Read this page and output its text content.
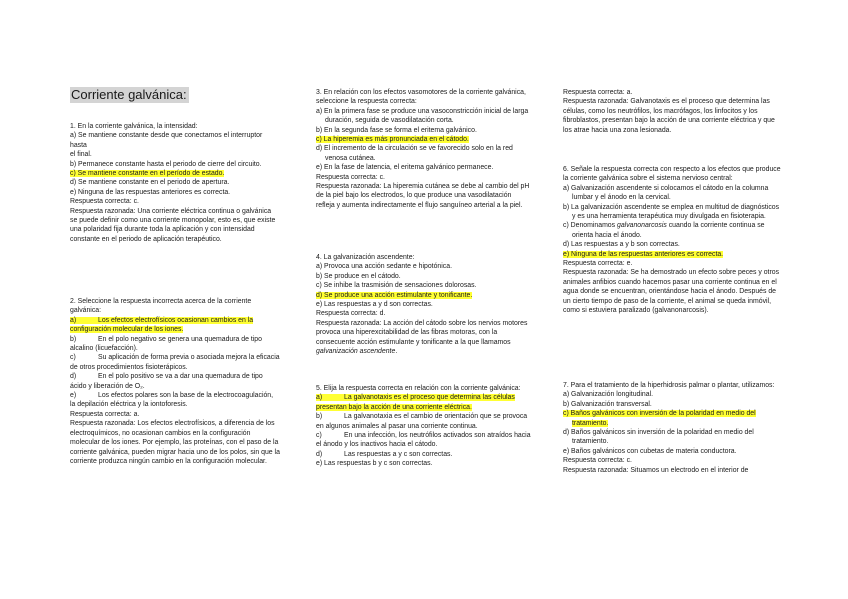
Corriente galvánica:

1. En la corriente galvánica, la intensidad:

a) Se mantiene constante desde que conectamos el interruptor hasta

el final.

b) Permanece constante hasta el periodo de cierre del circuito.

c) Se mantiene constante en el período de estado.

d) Se mantiene constante en el periodo de apertura.

e) Ninguna de las respuestas anteriores es correcta.

Respuesta correcta: c.

Respuesta razonada: Una corriente eléctrica continua o galvánica se puede definir como una corriente monopolar, esto es, que existe una polaridad fija durante toda la aplicación y con intensidad constante en el periodo de aplicación terapéutico.

2. Seleccione la respuesta incorrecta acerca de la corriente galvánica:

a)	Los efectos electrofísicos ocasionan cambios en la configuración molecular de los iones.

b)	En el polo negativo se genera una quemadura de tipo alcalino (licuefacción).

c)	Su aplicación de forma previa o asociada mejora la eficacia de otros procedimientos fisioterápicos.

d)	En el polo positivo se va a dar una quemadura de tipo ácido y liberación de O₂.

e)	Los efectos polares son la base de la electrocoagulación, la depilación eléctrica y la iontoforesis.

Respuesta correcta: a.

Respuesta razonada: Los efectos electrofísicos, a diferencia de los electroquímicos, no ocasionan cambios en la configuración molecular de los iones. Por ejemplo, las proteínas, con el paso de la corriente galvánica, pueden migrar hacia uno de los polos, sin que la corriente produzca ningún cambio en la configuración molecular.

3. En relación con los efectos vasomotores de la corriente galvánica, seleccione la respuesta correcta:

a) En la primera fase se produce una vasoconstricción inicial de larga duración, seguida de vasodilatación corta.

b) En la segunda fase se forma el eritema galvánico.

c) La hiperemia es más pronunciada en el cátodo.

d) El incremento de la circulación se ve favorecido solo en la red venosa cutánea.

e) En la fase de latencia, el eritema galvánico permanece.

Respuesta correcta: c.

Respuesta razonada: La hiperemia cutánea se debe al cambio del pH de la piel bajo los electrodos, lo que produce una vasodilatación refleja y aumenta indirectamente el flujo sanguíneo arterial a la piel.

4. La galvanización ascendente:

a) Provoca una acción sedante e hipotónica.

b) Se produce en el cátodo.

c) Se inhibe la trasmisión de sensaciones dolorosas.

d) Se produce una acción estimulante y tonificante.

e) Las respuestas a y d son correctas.

Respuesta correcta: d.

Respuesta razonada: La acción del cátodo sobre los nervios motores provoca una hiperexcitabilidad de las fibras motoras, con la consecuente acción estimulante y tonificante a la que llamamos galvanización ascendente.

5. Elija la respuesta correcta en relación con la corriente galvánica:

a)	La galvanotaxis es el proceso que determina las células presentan bajo la acción de una corriente eléctrica.

b)	La galvanotaxia es el cambio de orientación que se provoca en algunos animales al pasar una corriente continua.

c)	En una infección, los neutrófilos activados son atraídos hacia el ánodo y los inactivos hacia el cátodo.

d)	Las respuestas a y c son correctas.

e) Las respuestas b y c son correctas.

Respuesta correcta: a.

Respuesta razonada: Galvanotaxis es el proceso que determina las células, como los neutrófilos, los macrófagos, los linfocitos y los fibroblastos, presentan bajo la acción de una corriente eléctrica y que los atrae hacia una zona lesionada.

6. Señale la respuesta correcta con respecto a los efectos que produce la corriente galvánica sobre el sistema nervioso central:

a) Galvanización ascendente si colocamos el cátodo en la columna lumbar y el ánodo en la cervical.

b) La galvanización ascendente se emplea en multitud de diagnósticos y es una herramienta terapéutica muy divulgada en fisioterapia.

c) Denominamos galvanonarcosis cuando la corriente continua se orienta hacia el ánodo.

d) Las respuestas a y b son correctas.

e) Ninguna de las respuestas anteriores es correcta.

Respuesta correcta: e.

Respuesta razonada: Se ha demostrado un efecto sobre peces y otros animales anfibios cuando hacemos pasar una corriente continua en el agua donde se encuentran, orientándose hacia el ánodo. Después de un cierto tiempo de paso de la corriente, el animal se queda inmóvil, como si estuviera paralizado (galvanonarcosis).

7. Para el tratamiento de la hiperhidrosis palmar o plantar, utilizamos:

a) Galvanización longitudinal.

b) Galvanización transversal.

c) Baños galvánicos con inversión de la polaridad en medio del tratamiento.

d) Baños galvánicos sin inversión de la polaridad en medio del tratamiento.

e) Baños galvánicos con cubetas de materia conductora.

Respuesta correcta: c.

Respuesta razonada: Situamos un electrodo en el interior de
